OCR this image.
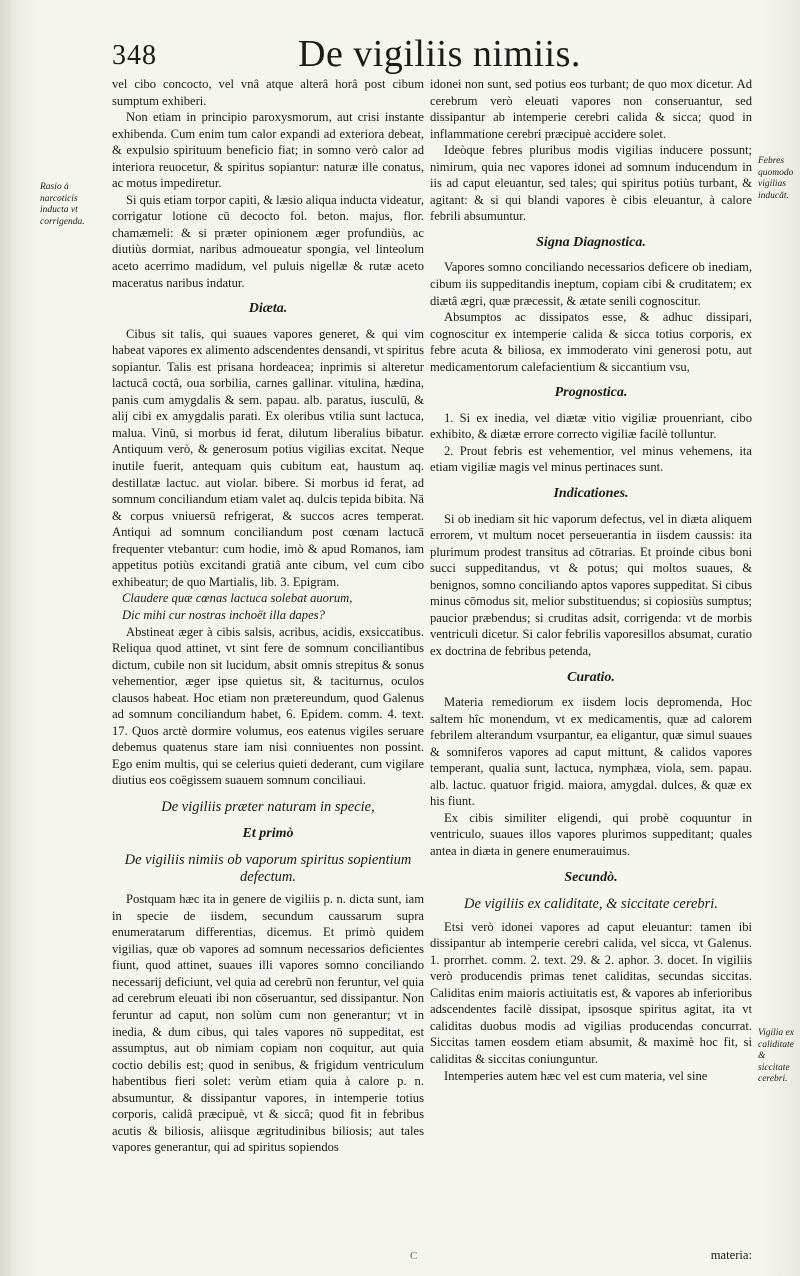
348	De vigiliis nimiis.
Rasio à narcoticis inducta vt corrigenda.
Febres quomodo vigilias inducăt.
Vigilia ex caliditate & siccitate cerebri.

vel cibo concocto, vel vnâ atque alterâ horâ post cibum sumptum exhiberi.

Non etiam in principio paroxysmorum, aut crisi instante exhibenda. Cum enim tum calor expandi ad exteriora debeat, & expulsio spirituum beneficio fiat; in somno verò calor ad interiora reuocetur, & spiritus sopiantur: naturæ ille conatus, ac motus impediretur.

Si quis etiam torpor capiti, & læsio aliqua inducta videatur, corrigatur lotione cū decocto fol. beton. majus, flor. chamæmeli: & si præter opinionem æger profundiùs, ac diutiùs dormiat, naribus admoueatur spongia, vel linteolum aceto acerrimo madidum, vel puluis nigellæ & rutæ aceto maceratus naribus indatur.

Diæta.

Cibus sit talis, qui suaues vapores generet, & qui vim habeat vapores ex alimento adscendentes densandi, vt spiritus sopiantur. Talis est prisana hordeacea; inprimis si alteretur lactucâ coctâ, oua sorbilia, carnes gallinar. vitulina, hædina, panis cum amygdalis & sem. papau. alb. paratus, iusculū, & alij cibi ex amygdalis parati. Ex oleribus vtilia sunt lactuca, malua. Vinū, si morbus id ferat, dilutum liberalius bibatur. Antiquum verò, & generosum potius vigilias excitat. Neque inutile fuerit, antequam quis cubitum eat, haustum aq. destillatæ lactuc. aut violar. bibere. Si morbus id ferat, ad somnum conciliandum etiam valet aq. dulcis tepida bibita. Nā & corpus vniuersū refrigerat, & succos acres temperat. Antiqui ad somnum conciliandum post cœnam lactucā frequenter vtebantur: cum hodie, imò & apud Romanos, iam appetitus potiùs excitandi gratiâ ante cibum, vel cum cibo exhibeatur; de quo Martialis, lib. 3. Epigram.

Claudere quæ cœnas lactuca solebat auorum,

Dic mihi cur nostras inchoët illa dapes?

Abstineat æger à cibis salsis, acribus, acidis, exsiccatibus. Reliqua quod attinet, vt sint fere de somnum conciliantibus dictum, cubile non sit lucidum, absit omnis strepitus & sonus vehementior, æger ipse quietus sit, & taciturnus, oculos clausos habeat. Hoc etiam non prætereundum, quod Galenus ad somnum conciliandum habet, 6. Epidem. comm. 4. text. 17. Quos arctè dormire volumus, eos eatenus vigiles seruare debemus quatenus stare iam nisi conniuentes non possint. Ego enim multis, qui se celerius quieti dederant, cum vigilare diutius eos coëgissem suauem somnum conciliaui.

De vigiliis præter naturam in specie,
Et primò
De vigiliis nimiis ob vaporum spiritus sopientium defectum.

Postquam hæc ita in genere de vigiliis p. n. dicta sunt, iam in specie de iisdem, secundum caussarum supra enumeratarum differentias, dicemus. Et primò quidem vigilias, quæ ob vapores ad somnum necessarios deficientes fiunt, quod attinet, suaues illi vapores somno conciliando necessarij deficiunt, vel quia ad cerebrū non feruntur, vel quia ad cerebrum eleuati ibi non cōseruantur, sed dissipantur. Non feruntur ad caput, non solùm cum non generantur; vt in inedia, & dum cibus, qui tales vapores nō suppeditat, est assumptus, aut ob nimiam copiam non coquitur, aut quia coctio debilis est; quod in senibus, & frigidum ventriculum habentibus fieri solet: verùm etiam quia à calore p. n. absumuntur, & dissipantur vapores, in intemperie totius corporis, calidâ præcipuè, vt & siccâ; quod fit in febribus acutis & biliosis, aliisque ægritudinibus biliosis; aut tales vapores generantur, qui ad spiritus sopiendos

idonei non sunt, sed potius eos turbant; de quo mox dicetur. Ad cerebrum verò eleuati vapores non conseruantur, sed dissipantur ab intemperie cerebri calida & sicca; quod in inflammatione cerebri præcipuè accidere solet.

Ideòque febres pluribus modis vigilias inducere possunt; nimirum, quia nec vapores idonei ad somnum inducendum in iis ad caput eleuantur, sed tales; qui spiritus potiùs turbant, & agitant: & si qui blandi vapores è cibis eleuantur, à calore febrili absumuntur.

Signa Diagnostica.

Vapores somno conciliando necessarios deficere ob inediam, cibum iis suppeditandis ineptum, copiam cibi & cruditatem; ex diætâ ægri, quæ præcessit, & ætate senili cognoscitur.

Absumptos ac dissipatos esse, & adhuc dissipari, cognoscitur ex intemperie calida & sicca totius corporis, ex febre acuta & biliosa, ex immoderato vini generosi potu, aut medicamentorum calefacientium & siccantium vsu,

Prognostica.

1. Si ex inedia, vel diætæ vitio vigiliæ prouenriant, cibo exhibito, & diætæ errore correcto vigiliæ facilè tolluntur.

2. Prout febris est vehementior, vel minus vehemens, ita etiam vigiliæ magis vel minus pertinaces sunt.

Indicationes.

Si ob inediam sit hic vaporum defectus, vel in diæta aliquem errorem, vt multum nocet perseuerantia in iisdem caussis: ita plurimum prodest transitus ad cōtrarias. Et proinde cibus boni succi suppeditandus, vt & potus; qui moltos suaues, & benignos, somno conciliando aptos vapores suppeditat. Si cibus minus cōmodus sit, melior substituendus; si copiosiùs sumptus; paucior præbendus; si cruditas adsit, corrigenda: vt de morbis ventriculi dicetur. Si calor febrilis vaporesillos absumat, curatio ex doctrina de febribus petenda,

Curatio.

Materia remediorum ex iisdem locis depromenda, Hoc saltem hîc monendum, vt ex medicamentis, quæ ad calorem febrilem alterandum vsurpantur, ea eligantur, quæ simul suaues & somniferos vapores ad caput mittunt, & calidos vapores temperant, qualia sunt, lactuca, nymphæa, viola, sem. papau. alb. lactuc. quatuor frigid. maiora, amygdal. dulces, & quæ ex his fiunt.

Ex cibis similiter eligendi, qui probè coquuntur in ventriculo, suaues illos vapores plurimos suppeditant; quales antea in diæta in genere enumerauimus.

Secundò.
De vigiliis ex caliditate, & siccitate cerebri.

Etsi verò idonei vapores ad caput eleuantur: tamen ibi dissipantur ab intemperie cerebri calida, vel sicca, vt Galenus. 1. prorrhet. comm. 2. text. 29. & 2. aphor. 3. docet. In vigiliis verò producendis primas tenet caliditas, secundas siccitas. Caliditas enim maioris actiuitatis est, & vapores ab inferioribus adscendentes facilè dissipat, ipsosque spiritus agitat, ita vt caliditas duobus modis ad vigilias producendas concurrat. Siccitas tamen eosdem etiam absumit, & maximè hoc fit, si caliditas & siccitas coniunguntur.

Intemperies autem hæc vel est cum materia, vel sine

C	materia:
